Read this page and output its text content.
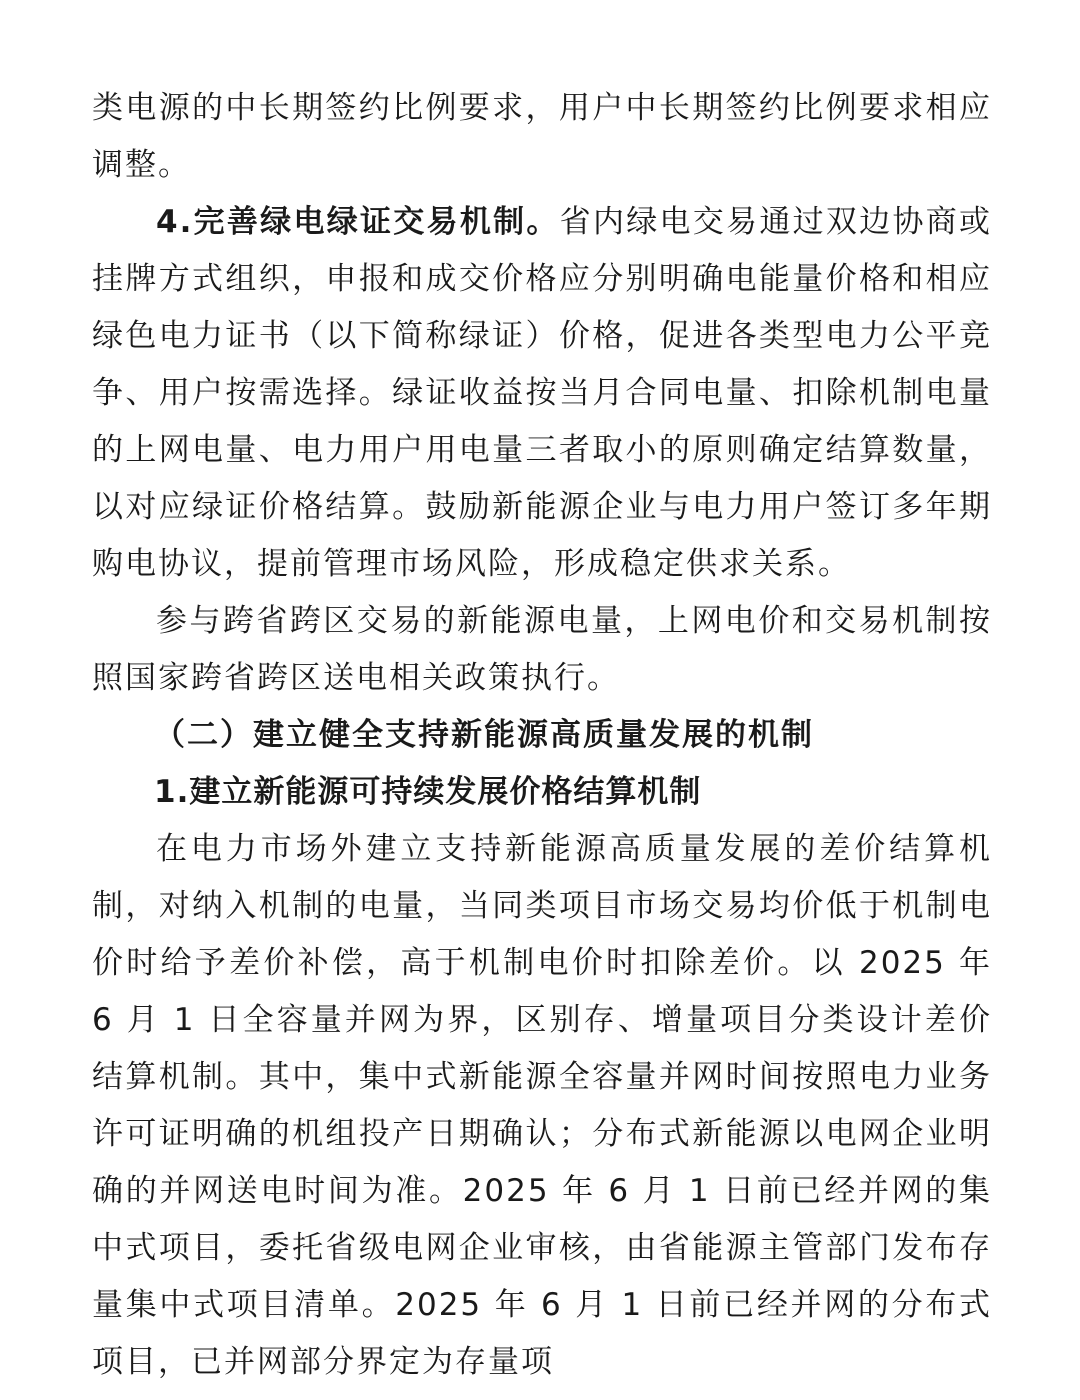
类电源的中长期签约比例要求，用户中长期签约比例要求相应调整。

4.完善绿电绿证交易机制。省内绿电交易通过双边协商或挂牌方式组织，申报和成交价格应分别明确电能量价格和相应绿色电力证书（以下简称绿证）价格，促进各类型电力公平竞争、用户按需选择。绿证收益按当月合同电量、扣除机制电量的上网电量、电力用户用电量三者取小的原则确定结算数量，以对应绿证价格结算。鼓励新能源企业与电力用户签订多年期购电协议，提前管理市场风险，形成稳定供求关系。

参与跨省跨区交易的新能源电量，上网电价和交易机制按照国家跨省跨区送电相关政策执行。

（二）建立健全支持新能源高质量发展的机制

1.建立新能源可持续发展价格结算机制

在电力市场外建立支持新能源高质量发展的差价结算机制，对纳入机制的电量，当同类项目市场交易均价低于机制电价时给予差价补偿，高于机制电价时扣除差价。以 2025 年 6 月 1 日全容量并网为界，区别存、增量项目分类设计差价结算机制。其中，集中式新能源全容量并网时间按照电力业务许可证明确的机组投产日期确认；分布式新能源以电网企业明确的并网送电时间为准。2025 年 6 月 1 日前已经并网的集中式项目，委托省级电网企业审核，由省能源主管部门发布存量集中式项目清单。2025 年 6 月 1 日前已经并网的分布式项目，已并网部分界定为存量项
